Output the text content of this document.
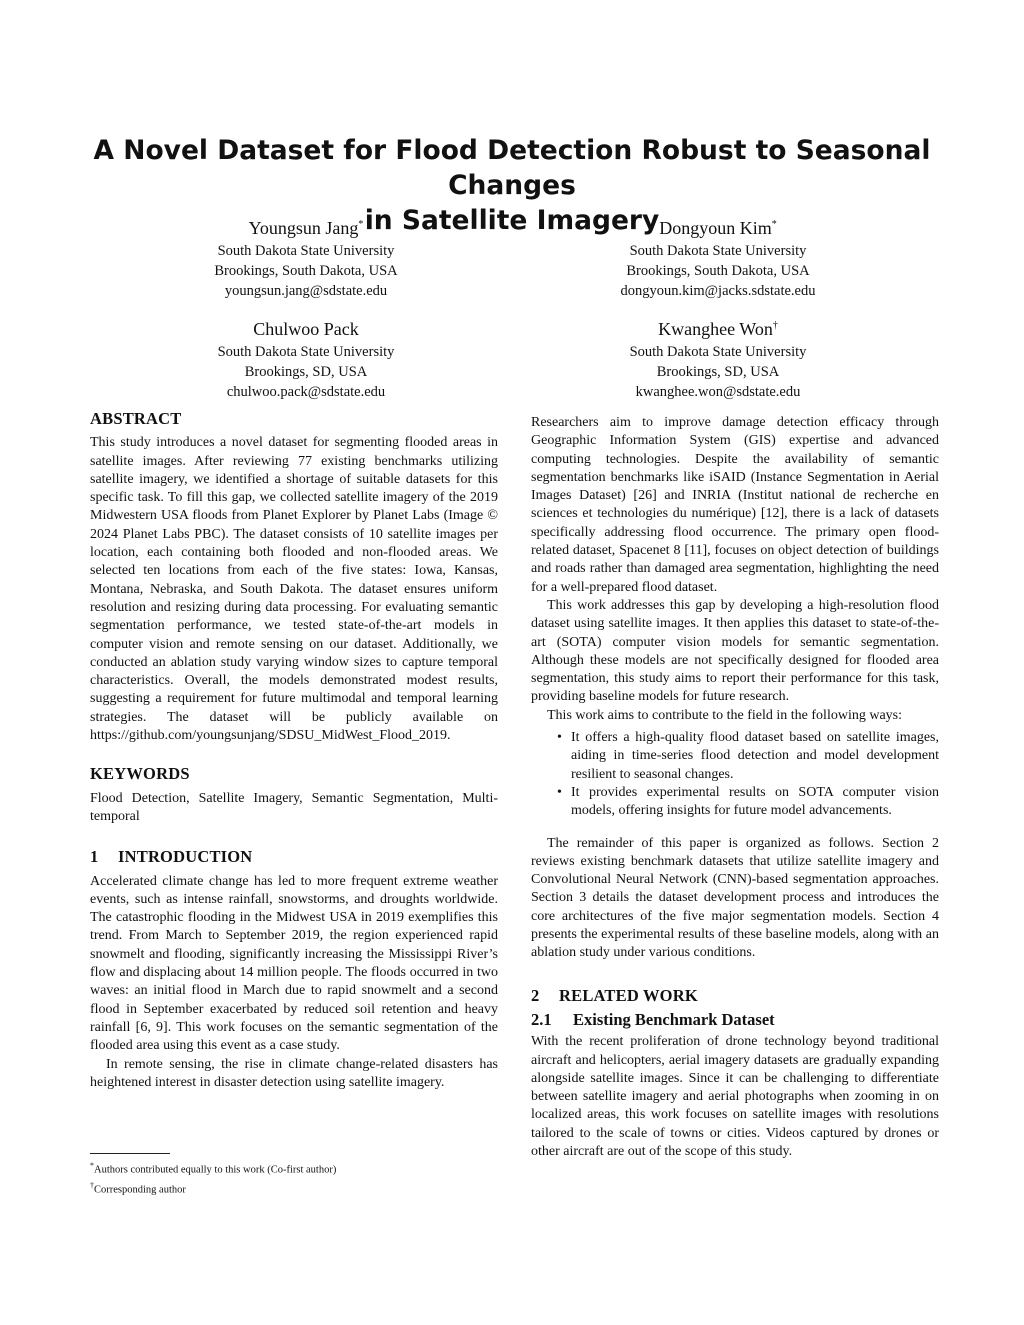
A Novel Dataset for Flood Detection Robust to Seasonal Changes
in Satellite Imagery
Youngsun Jang*
South Dakota State University
Brookings, South Dakota, USA
youngsun.jang@sdstate.edu
Dongyoun Kim*
South Dakota State University
Brookings, South Dakota, USA
dongyoun.kim@jacks.sdstate.edu
Chulwoo Pack
South Dakota State University
Brookings, SD, USA
chulwoo.pack@sdstate.edu
Kwanghee Won†
South Dakota State University
Brookings, SD, USA
kwanghee.won@sdstate.edu
ABSTRACT

This study introduces a novel dataset for segmenting flooded areas in satellite images. After reviewing 77 existing benchmarks utilizing satellite imagery, we identified a shortage of suitable datasets for this specific task. To fill this gap, we collected satellite imagery of the 2019 Midwestern USA floods from Planet Explorer by Planet Labs (Image © 2024 Planet Labs PBC). The dataset consists of 10 satellite images per location, each containing both flooded and non-flooded areas. We selected ten locations from each of the five states: Iowa, Kansas, Montana, Nebraska, and South Dakota. The dataset ensures uniform resolution and resizing during data processing. For evaluating semantic segmentation performance, we tested state-of-the-art models in computer vision and remote sensing on our dataset. Additionally, we conducted an ablation study varying window sizes to capture temporal characteristics. Overall, the models demonstrated modest results, suggesting a requirement for future multimodal and temporal learning strategies. The dataset will be publicly available on https://github.com/youngsunjang/SDSU_MidWest_Flood_2019.

KEYWORDS

Flood Detection, Satellite Imagery, Semantic Segmentation, Multi-temporal

1 INTRODUCTION

Accelerated climate change has led to more frequent extreme weather events, such as intense rainfall, snowstorms, and droughts worldwide. The catastrophic flooding in the Midwest USA in 2019 exemplifies this trend. From March to September 2019, the region experienced rapid snowmelt and flooding, significantly increasing the Mississippi River’s flow and displacing about 14 million people. The floods occurred in two waves: an initial flood in March due to rapid snowmelt and a second flood in September exacerbated by reduced soil retention and heavy rainfall [6, 9]. This work focuses on the semantic segmentation of the flooded area using this event as a case study.

In remote sensing, the rise in climate change-related disasters has heightened interest in disaster detection using satellite imagery.

*Authors contributed equally to this work (Co-first author)
†Corresponding author

Researchers aim to improve damage detection efficacy through Geographic Information System (GIS) expertise and advanced computing technologies. Despite the availability of semantic segmentation benchmarks like iSAID (Instance Segmentation in Aerial Images Dataset) [26] and INRIA (Institut national de recherche en sciences et technologies du numérique) [12], there is a lack of datasets specifically addressing flood occurrence. The primary open flood-related dataset, Spacenet 8 [11], focuses on object detection of buildings and roads rather than damaged area segmentation, highlighting the need for a well-prepared flood dataset.

This work addresses this gap by developing a high-resolution flood dataset using satellite images. It then applies this dataset to state-of-the-art (SOTA) computer vision models for semantic segmentation. Although these models are not specifically designed for flooded area segmentation, this study aims to report their performance for this task, providing baseline models for future research.

This work aims to contribute to the field in the following ways:

• It offers a high-quality flood dataset based on satellite images, aiding in time-series flood detection and model development resilient to seasonal changes.
• It provides experimental results on SOTA computer vision models, offering insights for future model advancements.

The remainder of this paper is organized as follows. Section 2 reviews existing benchmark datasets that utilize satellite imagery and Convolutional Neural Network (CNN)-based segmentation approaches. Section 3 details the dataset development process and introduces the core architectures of the five major segmentation models. Section 4 presents the experimental results of these baseline models, along with an ablation study under various conditions.

2 RELATED WORK
2.1 Existing Benchmark Dataset

With the recent proliferation of drone technology beyond traditional aircraft and helicopters, aerial imagery datasets are gradually expanding alongside satellite images. Since it can be challenging to differentiate between satellite imagery and aerial photographs when zooming in on localized areas, this work focuses on satellite images with resolutions tailored to the scale of towns or cities. Videos captured by drones or other aircraft are out of the scope of this study.
